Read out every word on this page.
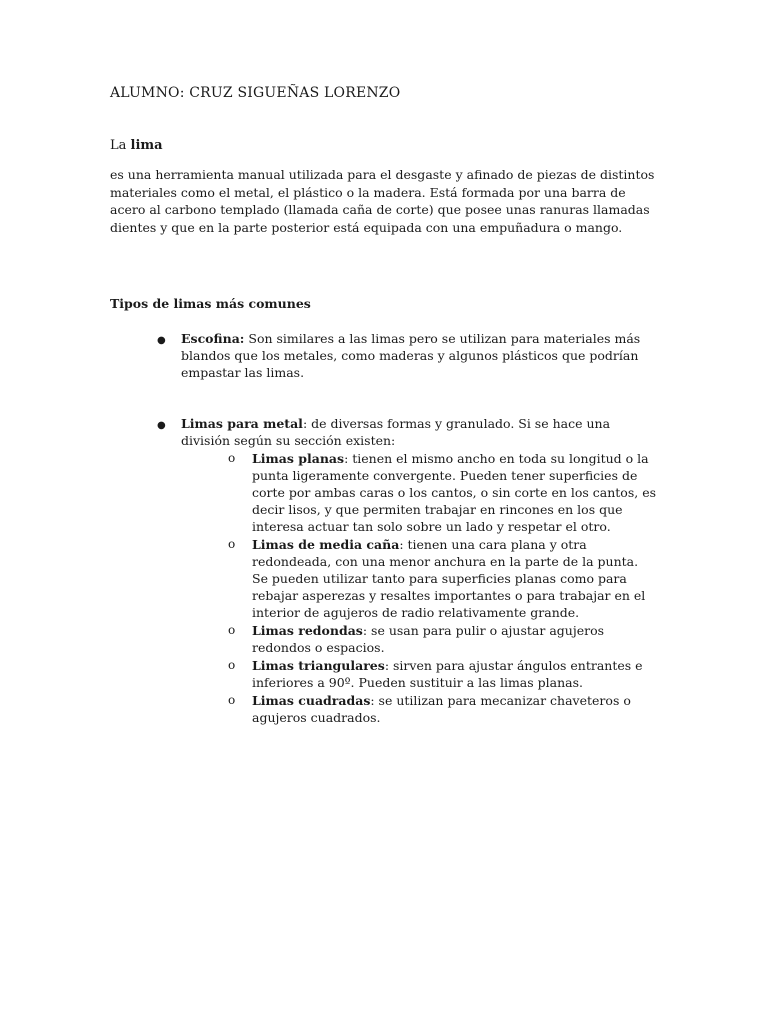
ALUMNO: CRUZ SIGUEÑAS LORENZO
La lima
es una herramienta manual utilizada para el desgaste y afinado de piezas de distintos materiales como el metal, el plástico o la madera. Está formada por una barra de acero al carbono templado (llamada caña de corte) que posee unas ranuras llamadas dientes y que en la parte posterior está equipada con una empuñadura o mango.
Tipos de limas más comunes
● Escofina: Son similares a las limas pero se utilizan para materiales más blandos que los metales, como maderas y algunos plásticos que podrían empastar las limas.
● Limas para metal: de diversas formas y granulado. Si se hace una división según su sección existen:
o Limas planas: tienen el mismo ancho en toda su longitud o la punta ligeramente convergente. Pueden tener superficies de corte por ambas caras o los cantos, o sin corte en los cantos, es decir lisos, y que permiten trabajar en rincones en los que interesa actuar tan solo sobre un lado y respetar el otro.
o Limas de media caña: tienen una cara plana y otra redondeada, con una menor anchura en la parte de la punta. Se pueden utilizar tanto para superficies planas como para rebajar asperezas y resaltes importantes o para trabajar en el interior de agujeros de radio relativamente grande.
o Limas redondas: se usan para pulir o ajustar agujeros redondos o espacios.
o Limas triangulares: sirven para ajustar ángulos entrantes e inferiores a 90º. Pueden sustituir a las limas planas.
o Limas cuadradas: se utilizan para mecanizar chaveteros o agujeros cuadrados.
